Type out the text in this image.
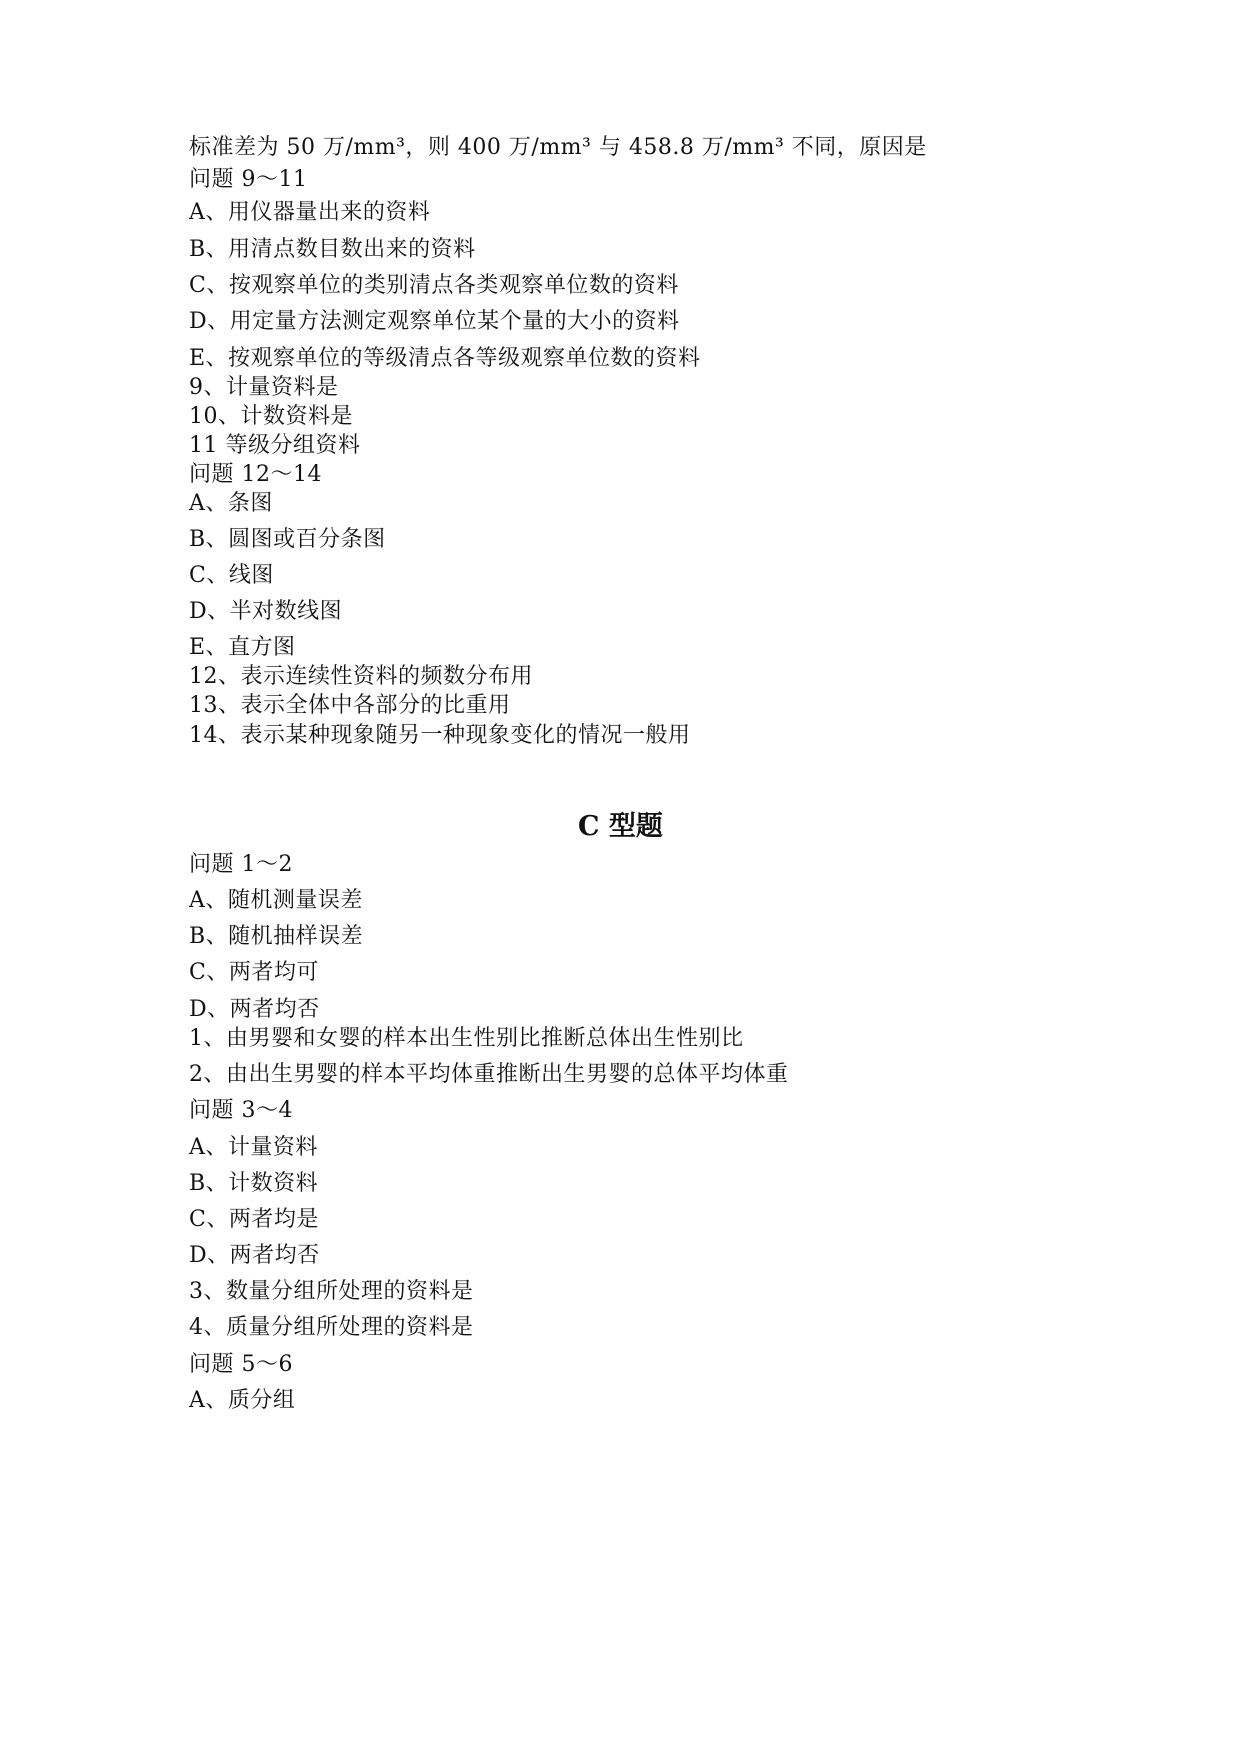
标准差为 50 万/mm³，则 400 万/mm³ 与 458.8 万/mm³ 不同，原因是
问题 9～11
A、用仪器量出来的资料
B、用清点数目数出来的资料
C、按观察单位的类别清点各类观察单位数的资料
D、用定量方法测定观察单位某个量的大小的资料
E、按观察单位的等级清点各等级观察单位数的资料
9、计量资料是
10、计数资料是
11 等级分组资料
问题 12～14
A、条图
B、圆图或百分条图
C、线图
D、半对数线图
E、直方图
12、表示连续性资料的频数分布用
13、表示全体中各部分的比重用
14、表示某种现象随另一种现象变化的情况一般用
C 型题
问题 1～2
A、随机测量误差
B、随机抽样误差
C、两者均可
D、两者均否
1、由男婴和女婴的样本出生性别比推断总体出生性别比
2、由出生男婴的样本平均体重推断出生男婴的总体平均体重
问题 3～4
A、计量资料
B、计数资料
C、两者均是
D、两者均否
3、数量分组所处理的资料是
4、质量分组所处理的资料是
问题 5～6
A、质分组
